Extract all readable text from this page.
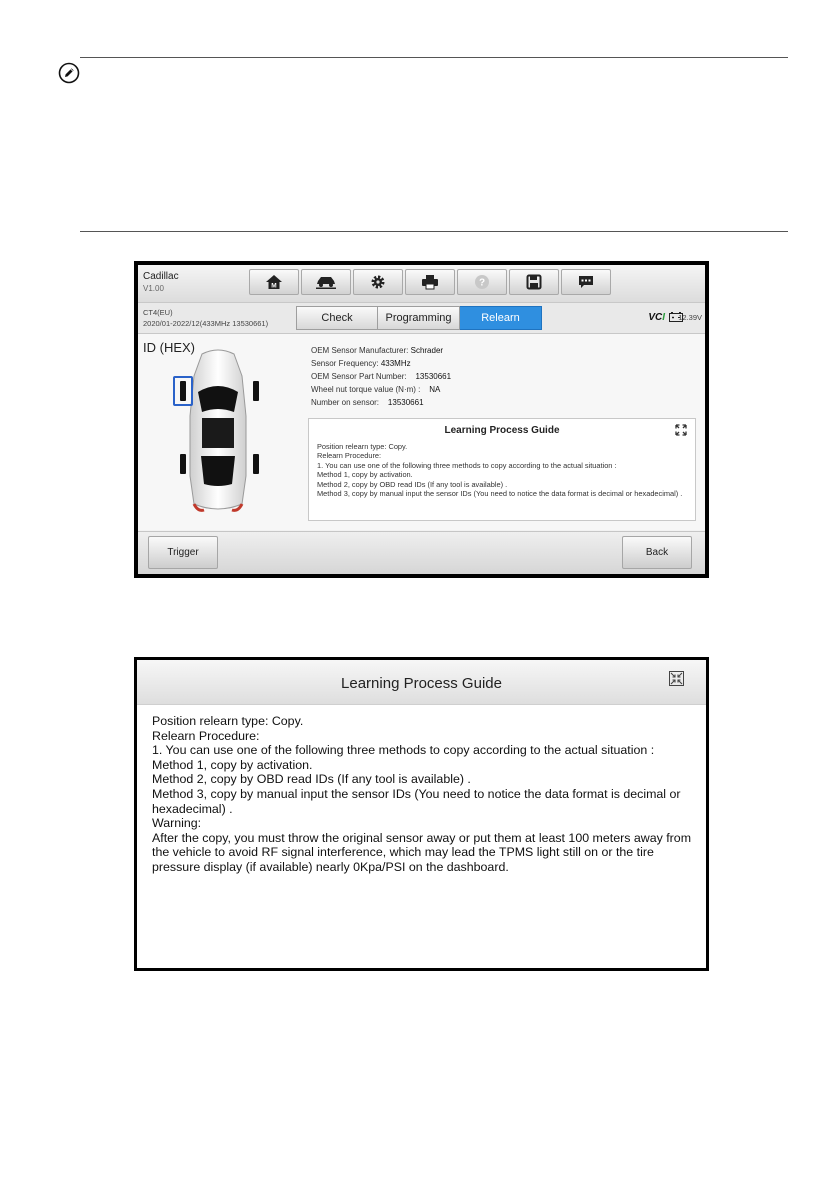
Cadillac
V1.00	M	?
CT4(EU)
2020/01-2022/12(433MHz 13530661)	Check	Programming	Relearn	VCI 12.39V
ID (HEX)	OEM Sensor Manufacturer: Schrader
Sensor Frequency: 433MHz
OEM Sensor Part Number: 13530661
Wheel nut torque value (N·m) : NA
Number on sensor: 13530661
Learning Process Guide
Position relearn type: Copy.
Relearn Procedure:
1. You can use one of the following three methods to copy according to the actual situation :
Method 1, copy by activation.
Method 2, copy by OBD read IDs (If any tool is available) .
Method 3, copy by manual input the sensor IDs (You need to notice the data format is decimal or hexadecimal) .
Trigger	Back
Learning Process Guide
Position relearn type: Copy.
Relearn Procedure:
1. You can use one of the following three methods to copy according to the actual situation :
Method 1, copy by activation.
Method 2, copy by OBD read IDs (If any tool is available) .
Method 3, copy by manual input the sensor IDs (You need to notice the data format is decimal or hexadecimal) .
Warning:
After the copy, you must throw the original sensor away or put them at least 100 meters away from the vehicle to avoid RF signal interference, which may lead the TPMS light still on or the tire pressure display (if available) nearly 0Kpa/PSI on the dashboard.
